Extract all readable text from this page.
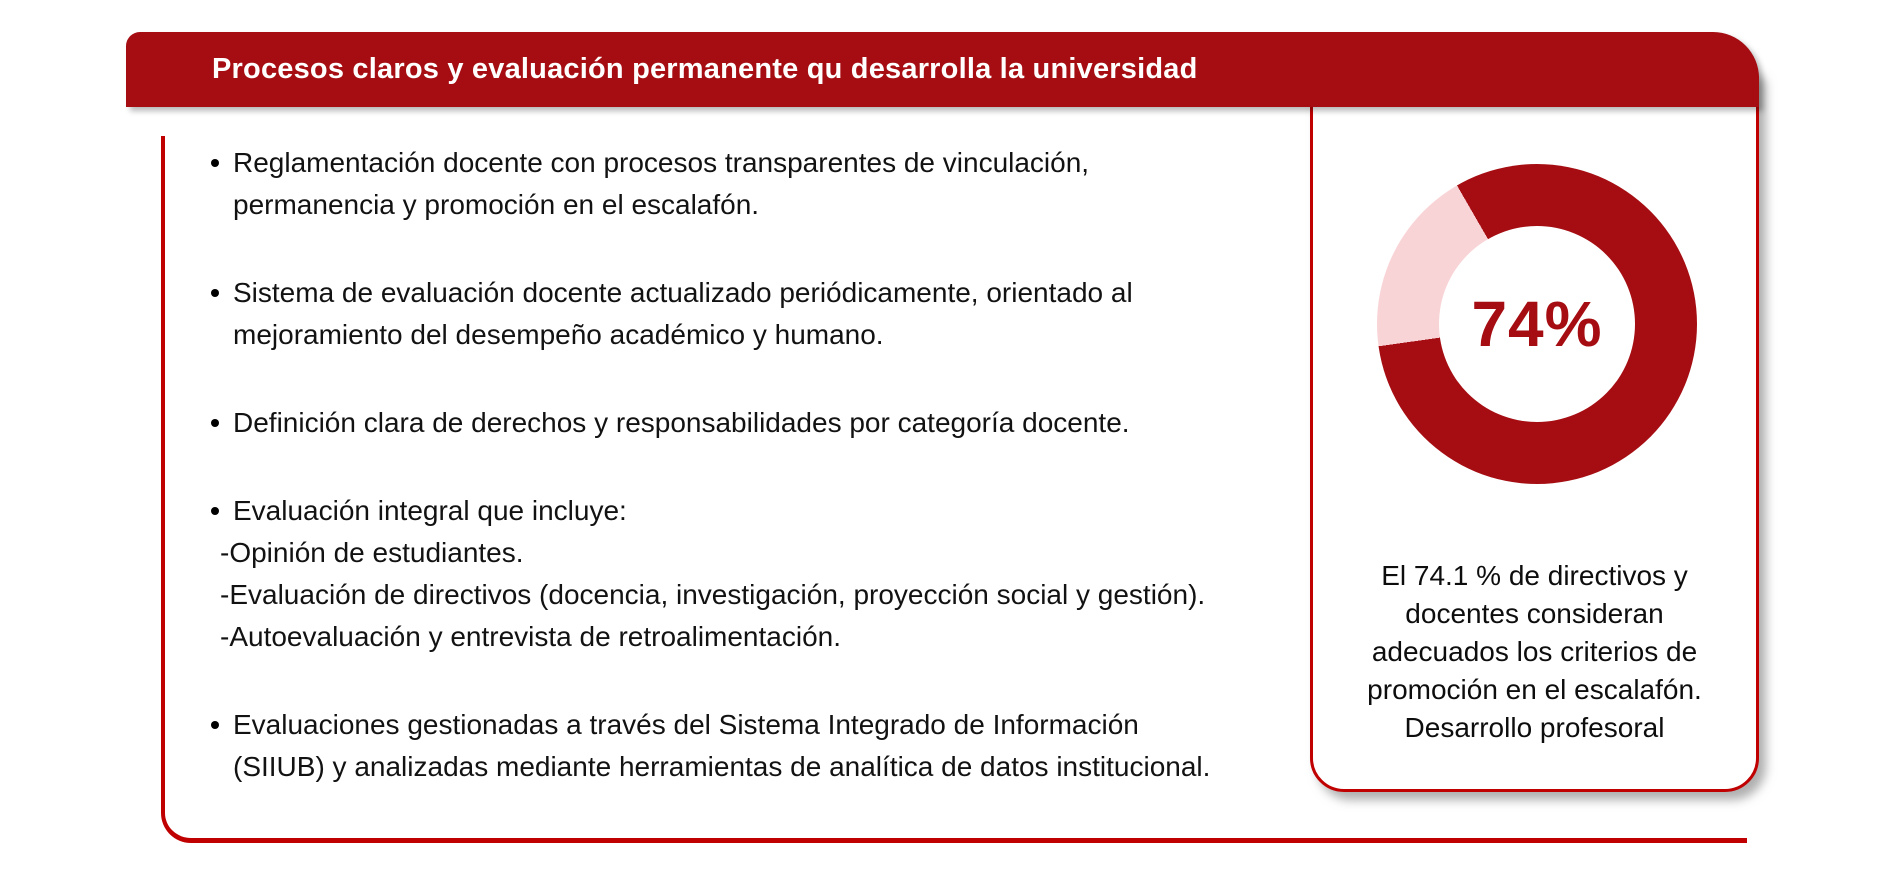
Procesos claros y evaluación permanente qu desarrolla la universidad
74%
El 74.1 % de directivos y
docentes consideran
adecuados los criterios de
promoción en el escalafón.
Desarrollo profesoral
Reglamentación docente con procesos transparentes de vinculación,
permanencia y promoción en el escalafón.
Sistema de evaluación docente actualizado periódicamente, orientado al
mejoramiento del desempeño académico y humano.
Definición clara de derechos y responsabilidades por categoría docente.
Evaluación integral que incluye:
-Opinión de estudiantes.
-Evaluación de directivos (docencia, investigación, proyección social y gestión).
-Autoevaluación y entrevista de retroalimentación.
Evaluaciones gestionadas a través del Sistema Integrado de Información
(SIIUB) y analizadas mediante herramientas de analítica de datos institucional.
